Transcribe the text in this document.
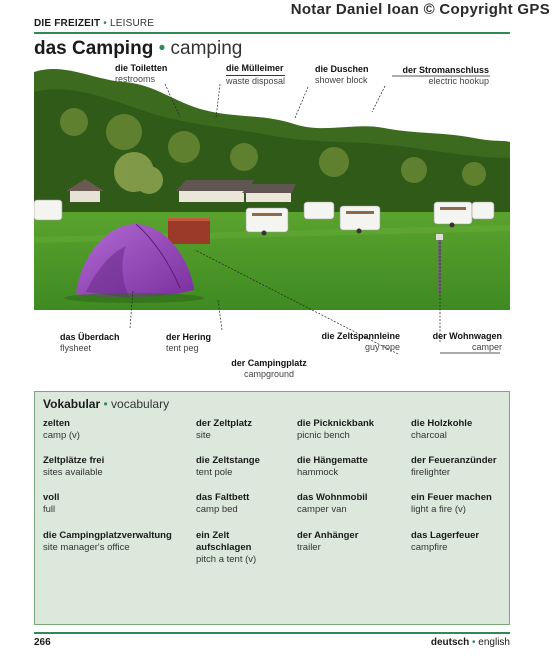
DIE FREIZEIT • LEISURE
Notar Daniel Ioan © Copyright GPS
das Camping • camping
die Toiletten
restrooms
die Mülleimer
waste disposal
die Duschen
shower block
der Stromanschluss
electric hookup
das Überdach
flysheet
der Hering
tent peg
der Campingplatz
campground
die Zeltspannleine
guy rope
der Wohnwagen
camper
Vokabular • vocabulary
zelten
camp (v)
der Zeltplatz
site
die Picknickbank
picnic bench
die Holzkohle
charcoal
Zeltplätze frei
sites available
die Zeltstange
tent pole
die Hängematte
hammock
der Feueranzünder
firelighter
voll
full
das Faltbett
camp bed
das Wohnmobil
camper van
ein Feuer machen
light a fire (v)
die Campingplatzverwaltung
site manager's office
ein Zelt aufschlagen
pitch a tent (v)
der Anhänger
trailer
das Lagerfeuer
campfire
266	deutsch • english
